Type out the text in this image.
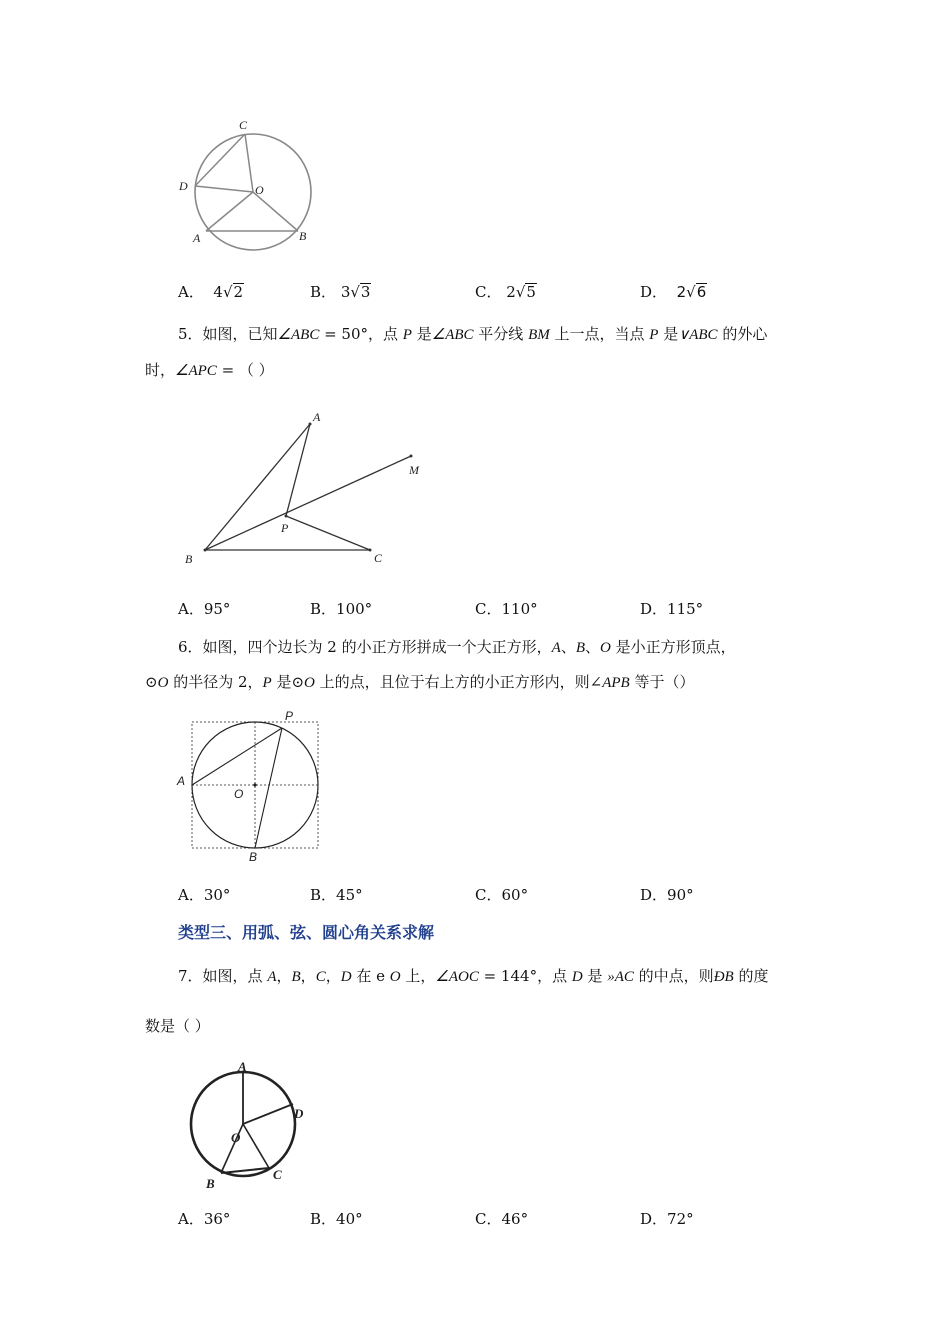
C
D	O
A	B
A． 4√2	B． 3√3	C． 2√5	D． 2√6
5．如图，已知∠ABC = 50°，点 P 是∠ABC 平分线 BM 上一点，当点 P 是∨ABC 的外心
时，∠APC = （ ）
A
M
P
B	C
A．95°	B．100°	C．110°	D．115°
6．如图，四个边长为 2 的小正方形拼成一个大正方形，A、B、O 是小正方形顶点，
⊙O 的半径为 2，P 是⊙O 上的点，且位于右上方的小正方形内，则∠APB 等于（）
P
A
O
B
A．30°	B．45°	C．60°	D．90°
类型三、用弧、弦、圆心角关系求解
7．如图，点 A，B，C，D 在 e O 上，∠AOC = 144°，点 D 是 »AC 的中点，则ÐB 的度
数是（ ）
A
D
O
B
C
A．36°	B．40°	C．46°	D．72°
